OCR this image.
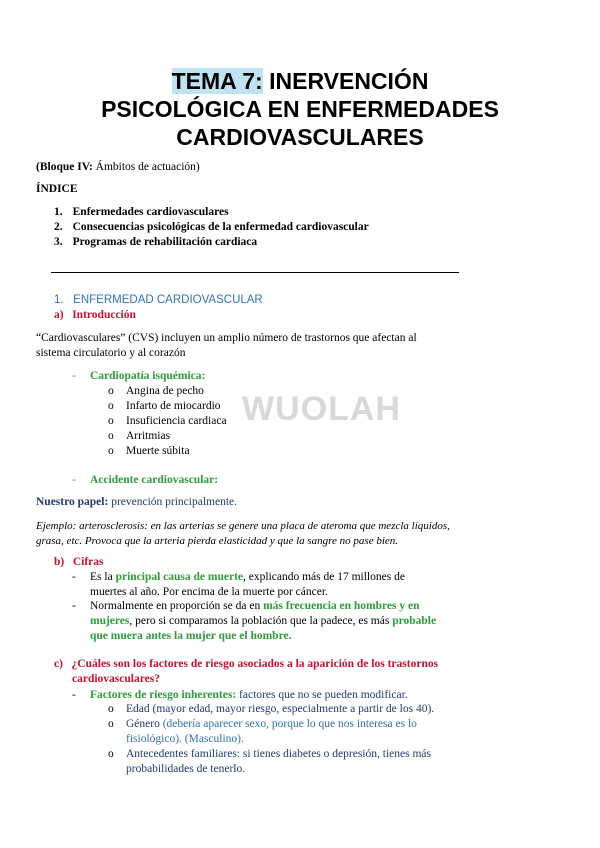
TEMA 7: INERVENCIÓN
PSICOLÓGICA EN ENFERMEDADES
CARDIOVASCULARES
(Bloque IV: Ámbitos de actuación)
ÍNDICE
1. Enfermedades cardiovasculares
2. Consecuencias psicológicas de la enfermedad cardiovascular
3. Programas de rehabilitación cardiaca
1.   ENFERMEDAD CARDIOVASCULAR
a)   Introducción
“Cardiovasculares” (CVS) incluyen un amplio número de trastornos que afectan al
sistema circulatorio y al corazón
- Cardiopatía isquémica:
o Angina de pecho
o Infarto de miocardio
o Insuficiencia cardiaca
o Arritmias
o Muerte súbita
WUOLAH
- Accidente cardiovascular:
Nuestro papel: prevención principalmente.
Ejemplo: arterosclerosis: en las arterias se genere una placa de ateroma que mezcla líquidos,
grasa, etc. Provoca que la arteria pierda elasticidad y que la sangre no pase bien.
b)   Cifras
- Es la principal causa de muerte, explicando más de 17 millones de
muertes al año. Por encima de la muerte por cáncer.
- Normalmente en proporción se da en más frecuencia en hombres y en
mujeres, pero si comparamos la población que la padece, es más probable
que muera antes la mujer que el hombre.
c)   ¿Cuáles son los factores de riesgo asociados a la aparición de los trastornos
cardiovasculares?
- Factores de riesgo inherentes: factores que no se pueden modificar.
o Edad (mayor edad, mayor riesgo, especialmente a partir de los 40).
o Género (debería aparecer sexo, porque lo que nos interesa es lo
fisiológico). (Masculino).
o Antecedentes familiares: si tienes diabetes o depresión, tienes más
probabilidades de tenerlo.
